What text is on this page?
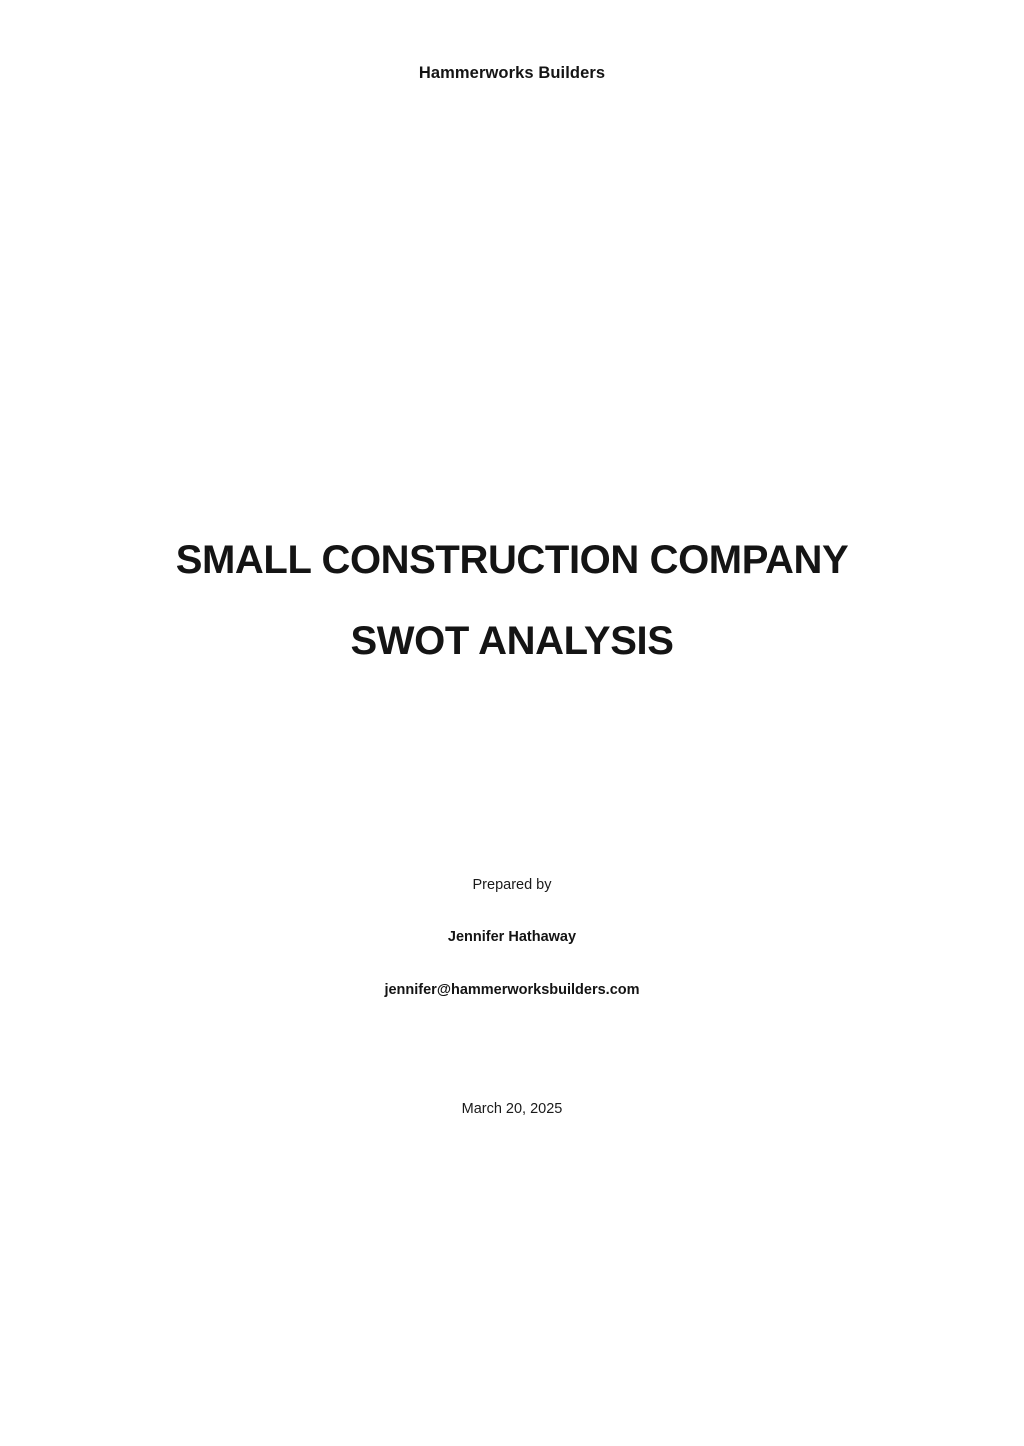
Hammerworks Builders
SMALL CONSTRUCTION COMPANY
SWOT ANALYSIS
Prepared by
Jennifer Hathaway
jennifer@hammerworksbuilders.com
March 20, 2025
